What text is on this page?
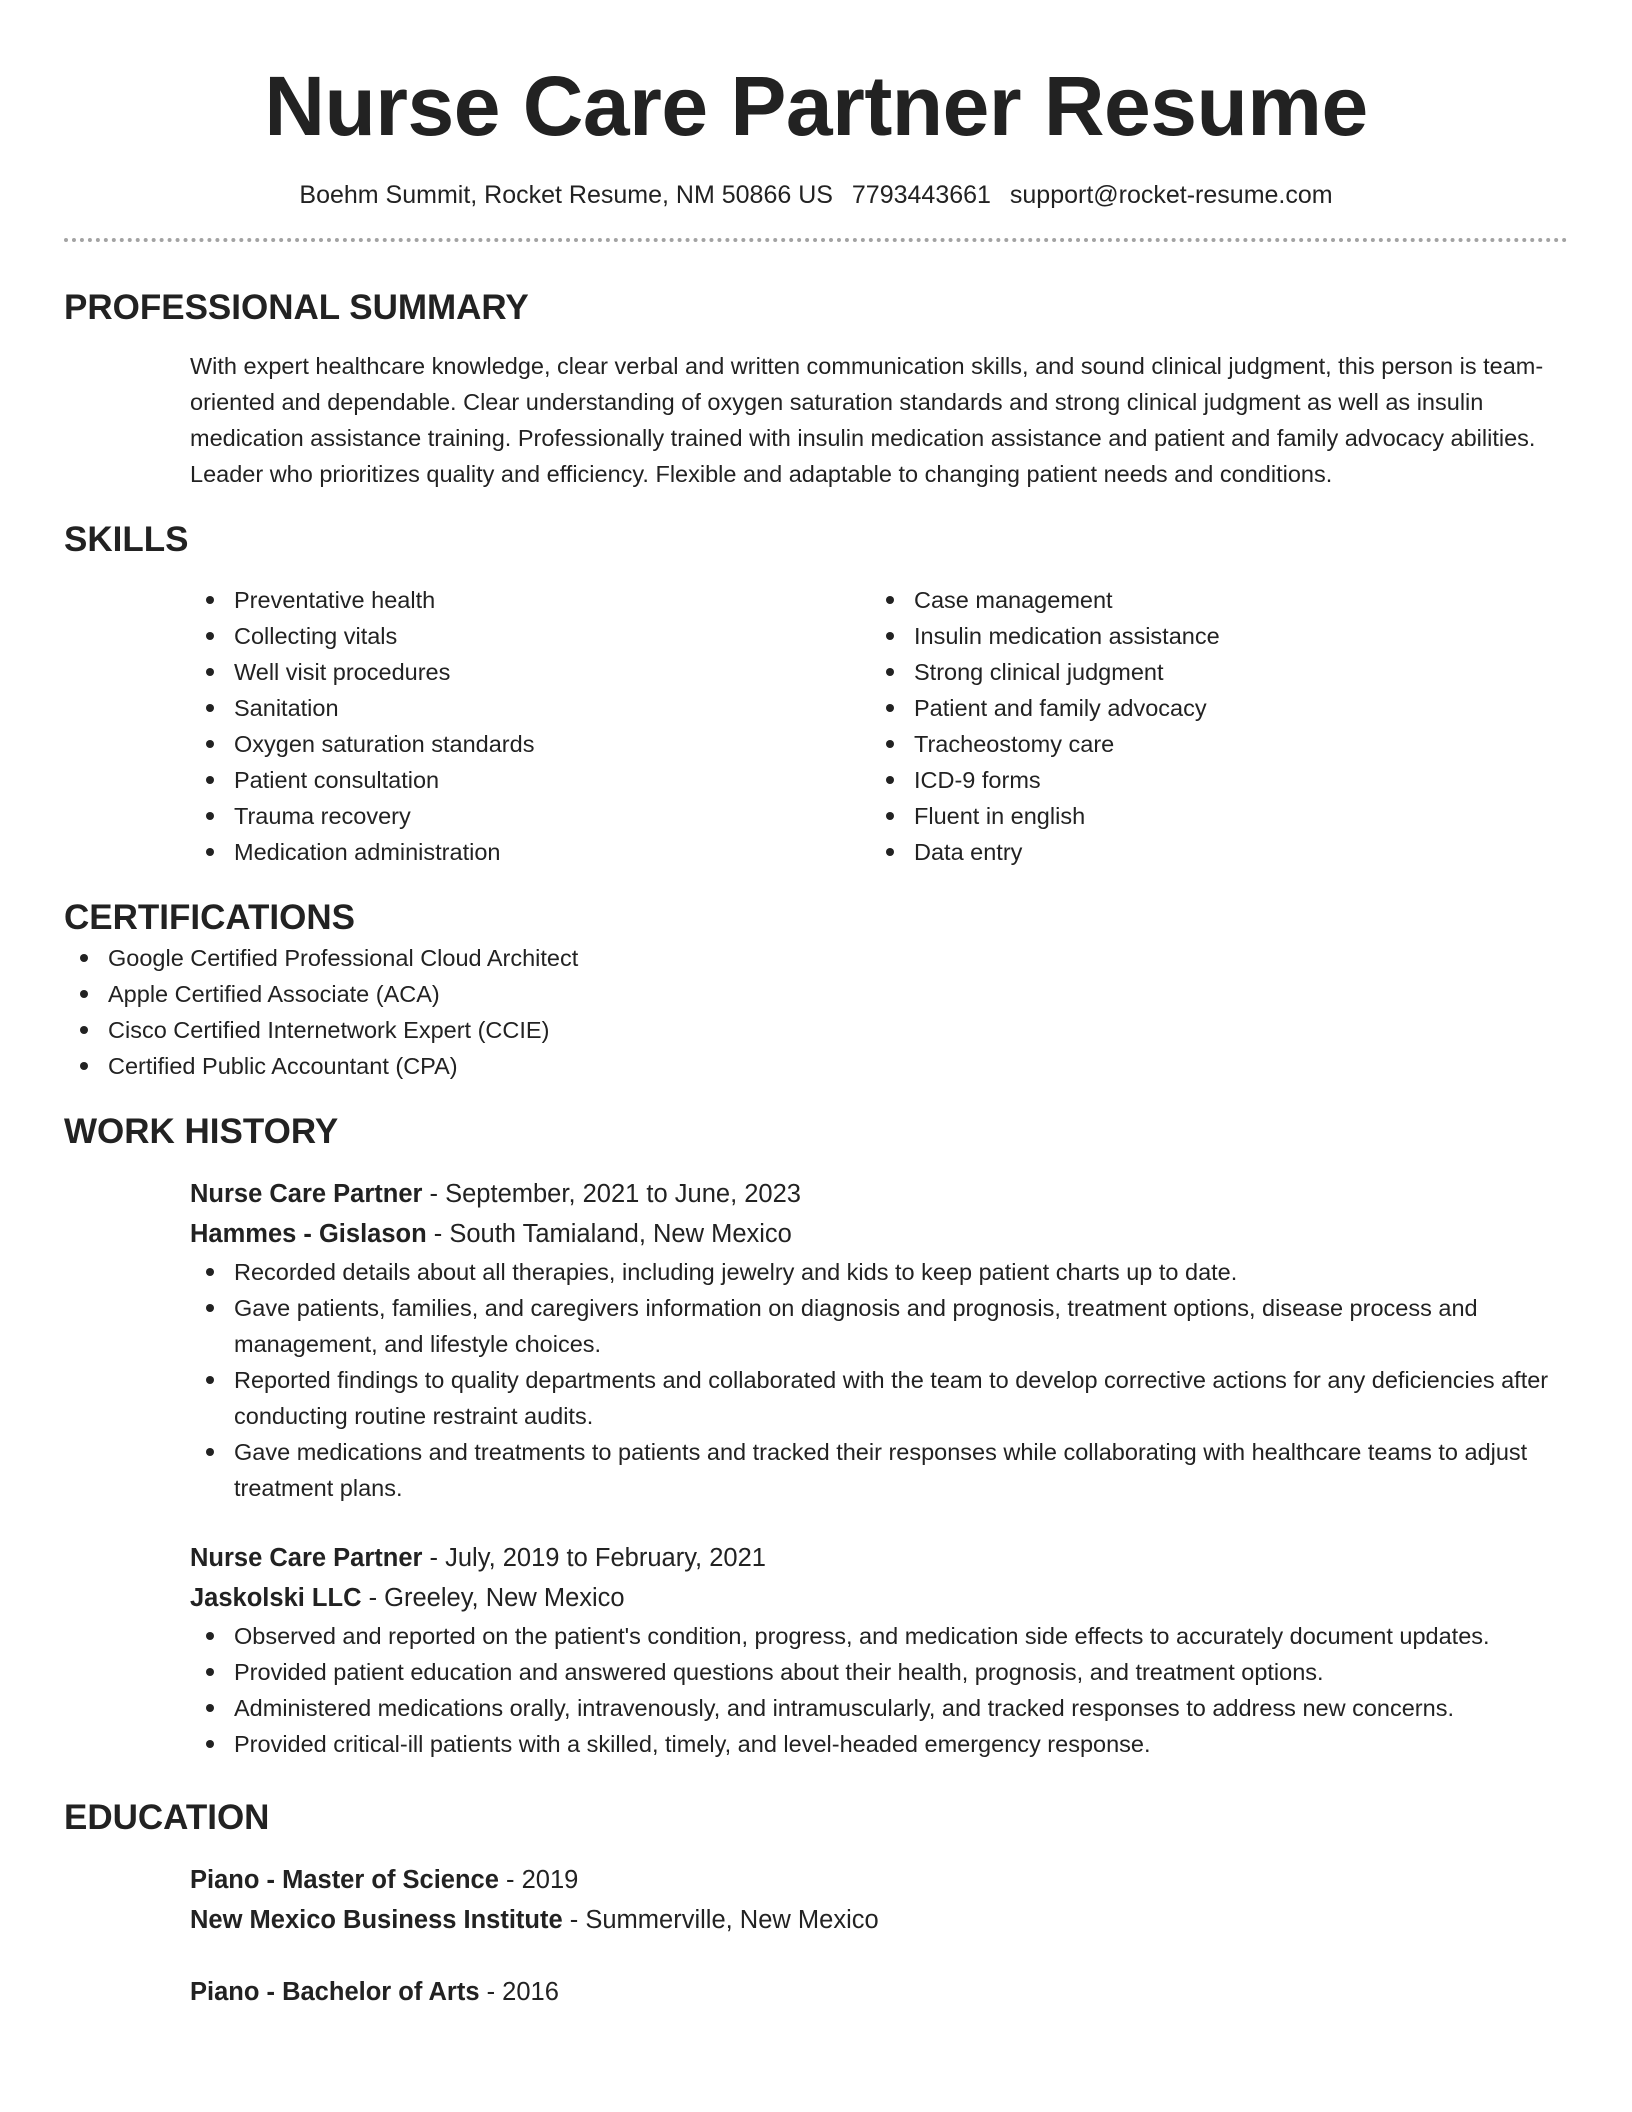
Nurse Care Partner Resume
Boehm Summit, Rocket Resume, NM 50866 US 7793443661 support@rocket-resume.com
PROFESSIONAL SUMMARY

With expert healthcare knowledge, clear verbal and written communication skills, and sound clinical judgment, this person is team-oriented and dependable. Clear understanding of oxygen saturation standards and strong clinical judgment as well as insulin medication assistance training. Professionally trained with insulin medication assistance and patient and family advocacy abilities. Leader who prioritizes quality and efficiency. Flexible and adaptable to changing patient needs and conditions.

SKILLS
Preventative health
Collecting vitals
Well visit procedures
Sanitation
Oxygen saturation standards
Patient consultation
Trauma recovery
Medication administration
Case management
Insulin medication assistance
Strong clinical judgment
Patient and family advocacy
Tracheostomy care
ICD-9 forms
Fluent in english
Data entry
CERTIFICATIONS
Google Certified Professional Cloud Architect
Apple Certified Associate (ACA)
Cisco Certified Internetwork Expert (CCIE)
Certified Public Accountant (CPA)
WORK HISTORY
Nurse Care Partner - September, 2021 to June, 2023
Hammes - Gislason - South Tamialand, New Mexico
Recorded details about all therapies, including jewelry and kids to keep patient charts up to date.
Gave patients, families, and caregivers information on diagnosis and prognosis, treatment options, disease process and management, and lifestyle choices.
Reported findings to quality departments and collaborated with the team to develop corrective actions for any deficiencies after conducting routine restraint audits.
Gave medications and treatments to patients and tracked their responses while collaborating with healthcare teams to adjust treatment plans.
Nurse Care Partner - July, 2019 to February, 2021
Jaskolski LLC - Greeley, New Mexico
Observed and reported on the patient's condition, progress, and medication side effects to accurately document updates.
Provided patient education and answered questions about their health, prognosis, and treatment options.
Administered medications orally, intravenously, and intramuscularly, and tracked responses to address new concerns.
Provided critical-ill patients with a skilled, timely, and level-headed emergency response.
EDUCATION
Piano - Master of Science - 2019
New Mexico Business Institute - Summerville, New Mexico
Piano - Bachelor of Arts - 2016
